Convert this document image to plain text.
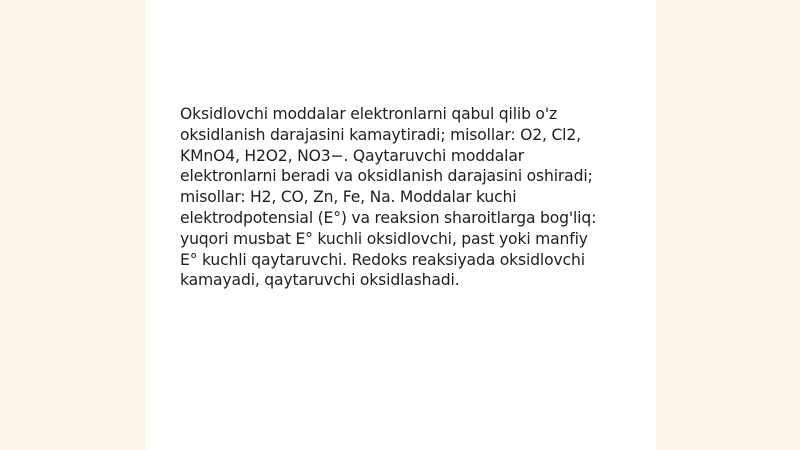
Oksidlovchi moddalar elektronlarni qabul qilib o'z
oksidlanish darajasini kamaytiradi; misollar: O2, Cl2,
KMnO4, H2O2, NO3−. Qaytaruvchi moddalar
elektronlarni beradi va oksidlanish darajasini oshiradi;
misollar: H2, CO, Zn, Fe, Na. Moddalar kuchi
elektrodpotensial (E°) va reaksion sharoitlarga bog'liq:
yuqori musbat E° kuchli oksidlovchi, past yoki manfiy
E° kuchli qaytaruvchi. Redoks reaksiyada oksidlovchi
kamayadi, qaytaruvchi oksidlashadi.
